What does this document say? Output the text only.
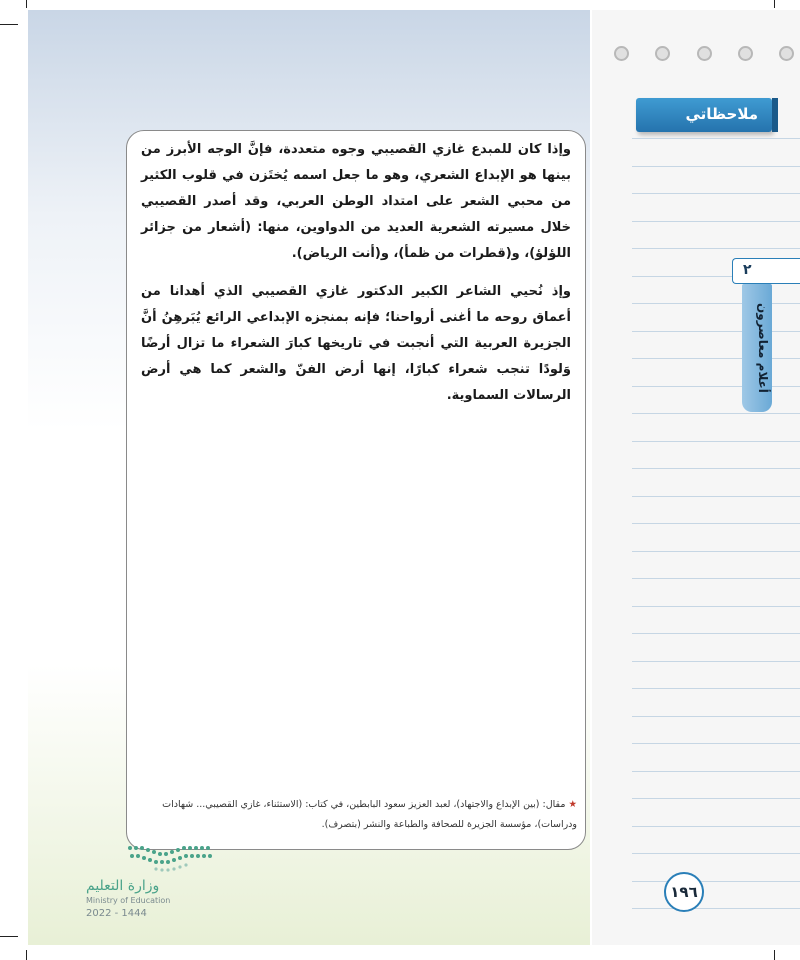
وإذا كان للمبدع غازي القصيبي وجوه متعددة، فإنَّ الوجه الأبرز من بينها هو الإبداع الشعري، وهو ما جعل اسمه يُختَزن في قلوب الكثير من محبي الشعر على امتداد الوطن العربي، وقد أصدر القصيبي خلال مسيرته الشعرية العديد من الدواوين، منها: (أشعار من جزائر اللؤلؤ)، و(قطرات من ظمأ)، و(أنت الرياض).

وإذ نُحيي الشاعر الكبير الدكتور غازي القصيبي الذي أهدانا من أعماق روحه ما أغنى أرواحنا؛ فإنه بمنجزه الإبداعي الرائع يُبَرهِنُ أنَّ الجزيرة العربية التي أنجبت في تاريخها كبارَ الشعراء ما تزال أرضًا وَلودًا تنجب شعراء كبارًا، إنها أرض الفنّ والشعر كما هي أرض الرسالات السماوية.

★ مقال: (بين الإبداع والاجتهاد)، لعبد العزيز سعود البابطين، في كتاب: (الاستثناء، غازي القصيبي... شهادات ودراسات)، مؤسسة الجزيرة للصحافة والطباعة والنشر (بتصرف).

وزارة التعليم
Ministry of Education
2022 - 1444
ملاحظاتي
٢
أعلام معاصرون
١٩٦
